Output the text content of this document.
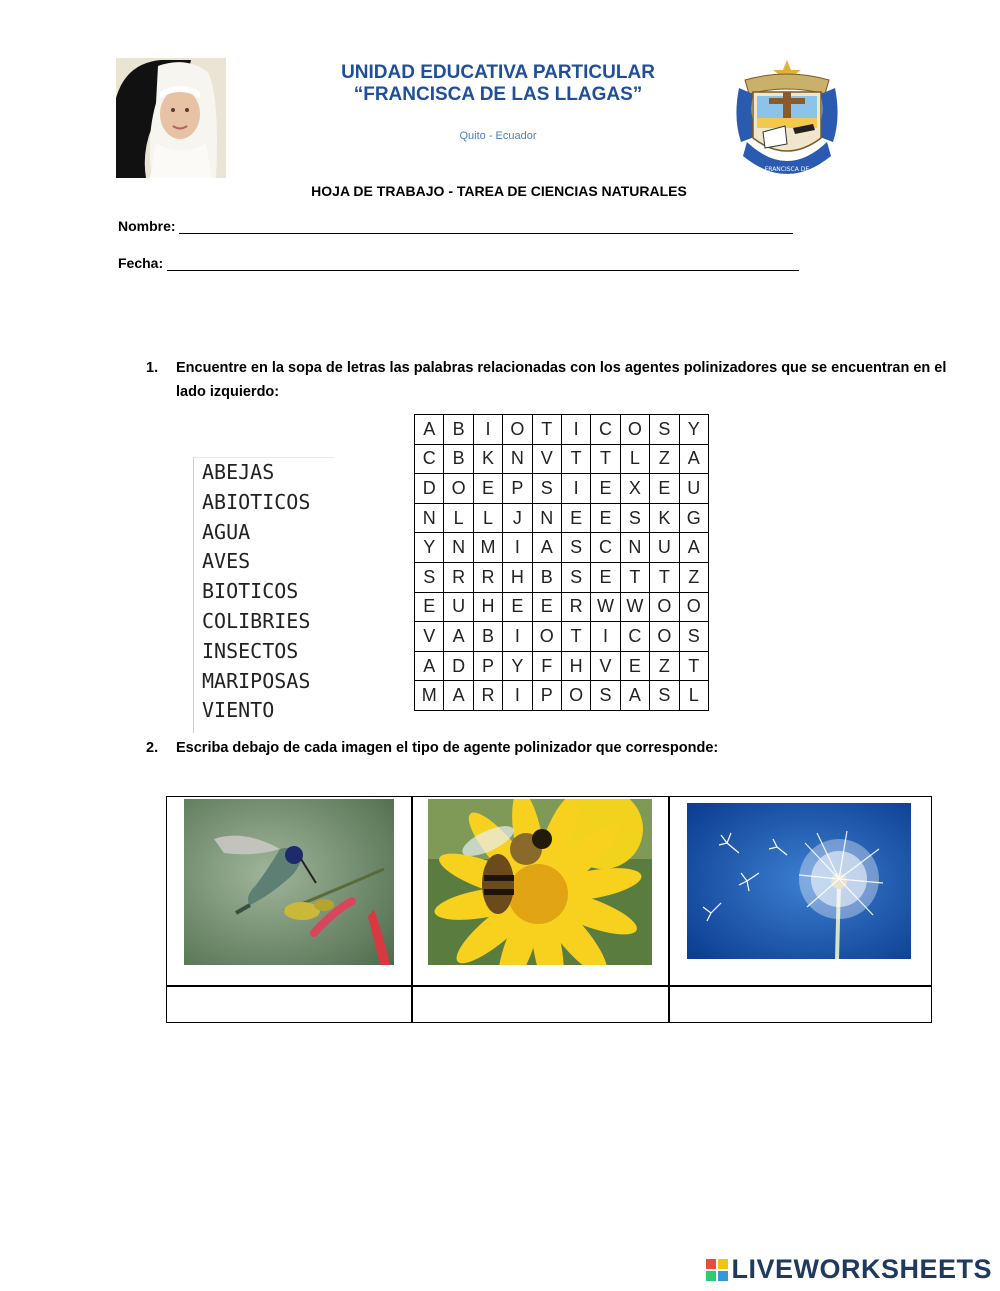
UNIDAD EDUCATIVA PARTICULAR
“FRANCISCA DE LAS LLAGAS”
Quito - Ecuador
FRANCISCA DE
LAS LLAGAS
HOJA DE TRABAJO - TAREA DE CIENCIAS NATURALES
Nombre:
Fecha:
1. Encuentre en la sopa de letras las palabras relacionadas con los agentes polinizadores que se encuentran en el lado izquierdo:
ABEJAS
ABIOTICOS
AGUA
AVES
BIOTICOS
COLIBRIES
INSECTOS
MARIPOSAS
VIENTO
A	B	I	O	T	I	C	O	S	Y
C	B	K	N	V	T	T	L	Z	A
D	O	E	P	S	I	E	X	E	U
N	L	L	J	N	E	E	S	K	G
Y	N	M	I	A	S	C	N	U	A
S	R	R	H	B	S	E	T	T	Z
E	U	H	E	E	R	W	W	O	O
V	A	B	I	O	T	I	C	O	S
A	D	P	Y	F	H	V	E	Z	T
M	A	R	I	P	O	S	A	S	L
2. Escriba debajo de cada imagen el tipo de agente polinizador que corresponde:
LIVEWORKSHEETS
